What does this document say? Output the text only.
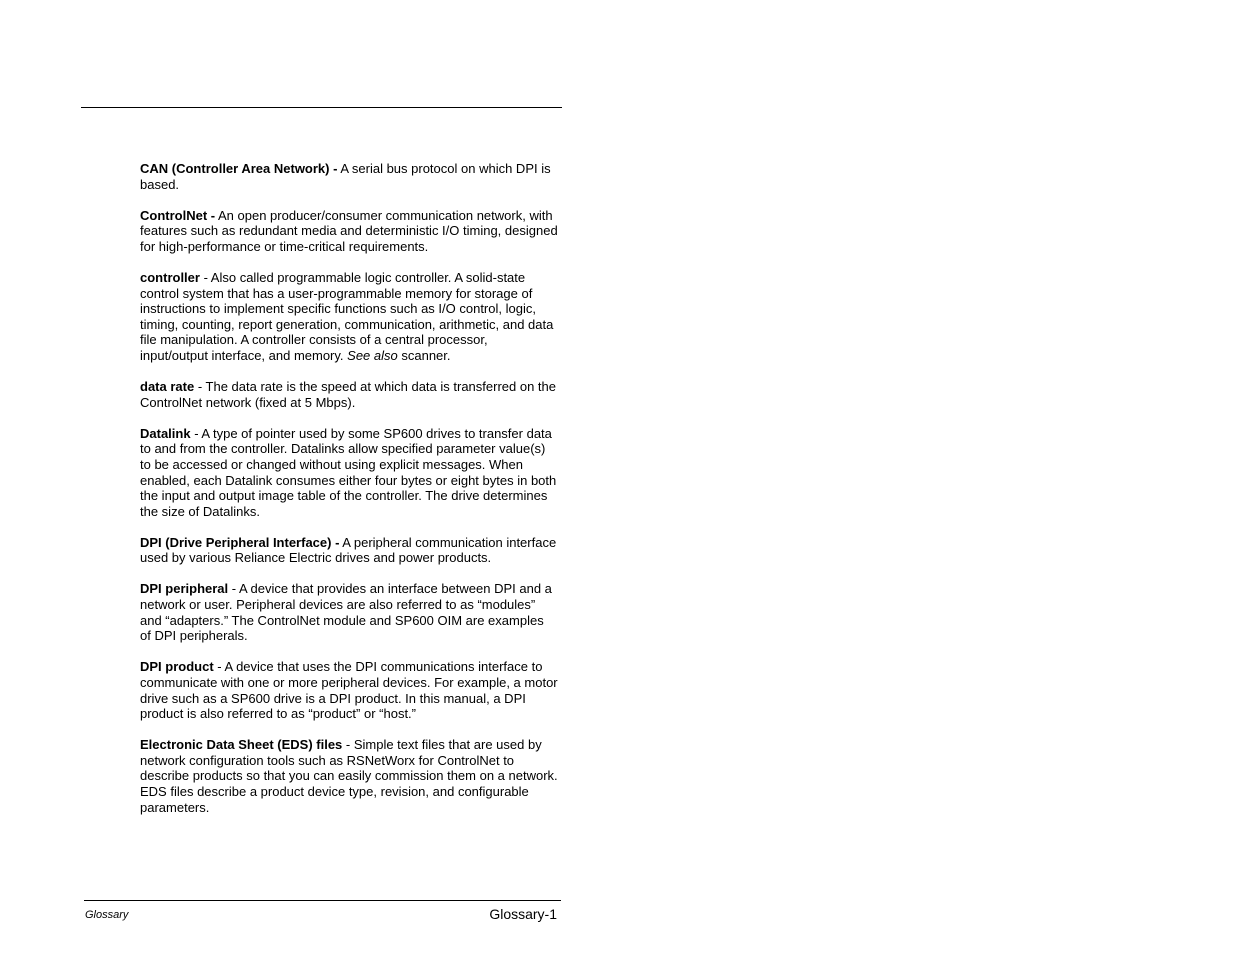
CAN (Controller Area Network) - A serial bus protocol on which DPI is based.

ControlNet - An open producer/consumer communication network, with features such as redundant media and deterministic I/O timing, designed for high-performance or time-critical requirements.

controller - Also called programmable logic controller. A solid-state control system that has a user-programmable memory for storage of instructions to implement specific functions such as I/O control, logic, timing, counting, report generation, communication, arithmetic, and data file manipulation. A controller consists of a central processor, input/output interface, and memory. See also scanner.

data rate - The data rate is the speed at which data is transferred on the ControlNet network (fixed at 5 Mbps).

Datalink - A type of pointer used by some SP600 drives to transfer data to and from the controller. Datalinks allow specified parameter value(s) to be accessed or changed without using explicit messages. When enabled, each Datalink consumes either four bytes or eight bytes in both the input and output image table of the controller. The drive determines the size of Datalinks.

DPI (Drive Peripheral Interface) - A peripheral communication interface used by various Reliance Electric drives and power products.

DPI peripheral - A device that provides an interface between DPI and a network or user. Peripheral devices are also referred to as “modules” and “adapters.” The ControlNet module and SP600 OIM are examples of DPI peripherals.

DPI product - A device that uses the DPI communications interface to communicate with one or more peripheral devices. For example, a motor drive such as a SP600 drive is a DPI product. In this manual, a DPI product is also referred to as “product” or “host.”

Electronic Data Sheet (EDS) files - Simple text files that are used by network configuration tools such as RSNetWorx for ControlNet to describe products so that you can easily commission them on a network. EDS files describe a product device type, revision, and configurable parameters.

Glossary	Glossary-1
